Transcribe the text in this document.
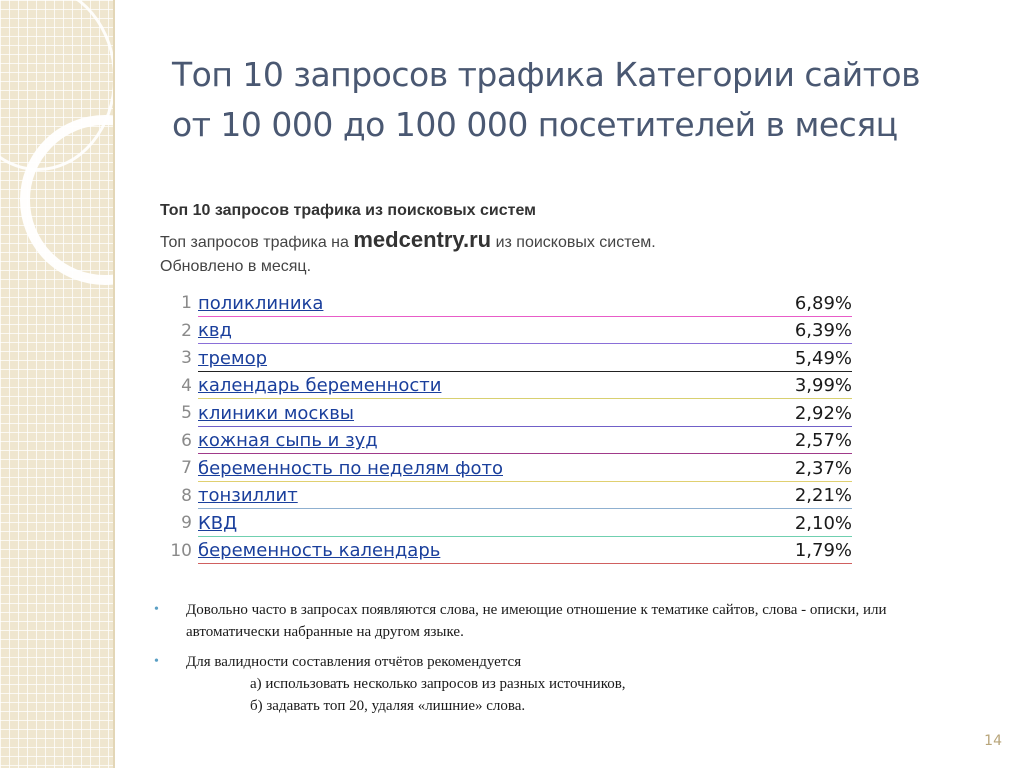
Топ 10 запросов трафика Категории сайтов
от 10 000 до 100 000 посетителей в месяц
Топ 10 запросов трафика из поисковых систем
Топ запросов трафика на medcentry.ru из поисковых систем.
Обновлено в месяц.
1 поликлиника	6,89%
2 квд	6,39%
3 тремор	5,49%
4 календарь беременности	3,99%
5 клиники москвы	2,92%
6 кожная сыпь и зуд	2,57%
7 беременность по неделям фото	2,37%
8 тонзиллит	2,21%
9 КВД	2,10%
10 беременность календарь	1,79%
• Довольно часто в запросах появляются слова, не имеющие отношение к тематике сайтов, слова - описки, или автоматически набранные на другом языке.
• Для валидности составления отчётов рекомендуется
а) использовать несколько запросов из разных источников,
б) задавать топ 20, удаляя «лишние» слова.
14
